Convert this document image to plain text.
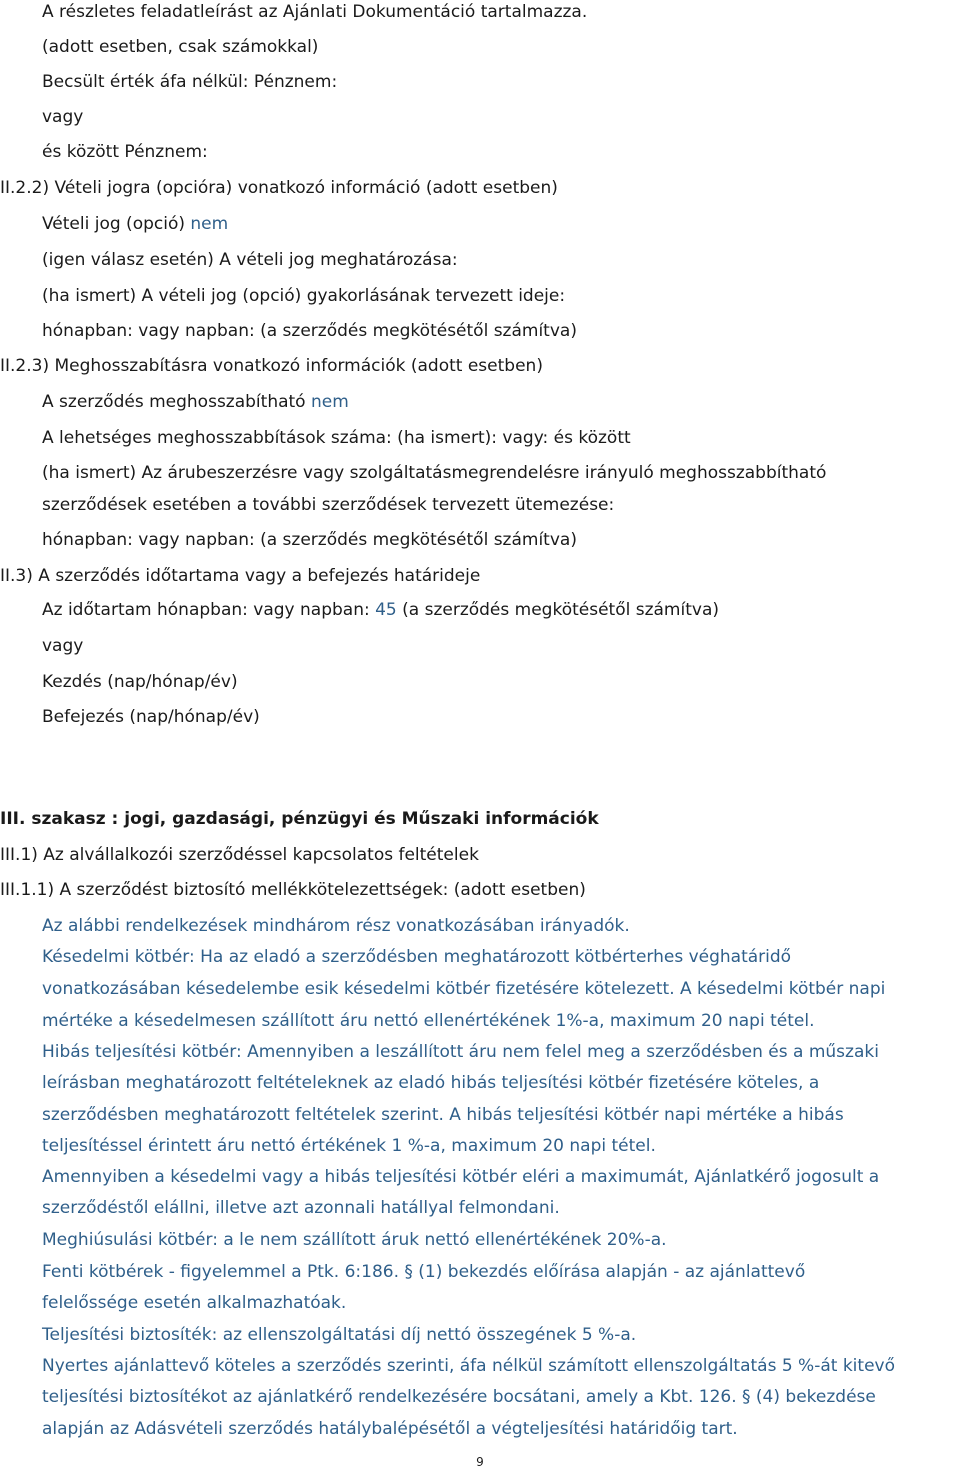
A részletes feladatleírást az Ajánlati Dokumentáció tartalmazza.
(adott esetben, csak számokkal)
Becsült érték áfa nélkül: Pénznem:
vagy
és között Pénznem:
II.2.2) Vételi jogra (opcióra) vonatkozó információ (adott esetben)
Vételi jog (opció) nem
(igen válasz esetén) A vételi jog meghatározása:
(ha ismert) A vételi jog (opció) gyakorlásának tervezett ideje:
hónapban: vagy napban: (a szerződés megkötésétől számítva)
II.2.3) Meghosszabításra vonatkozó információk (adott esetben)
A szerződés meghosszabítható nem
A lehetséges meghosszabbítások száma: (ha ismert): vagy: és között
(ha ismert) Az árubeszerzésre vagy szolgáltatásmegrendelésre irányuló meghosszabbítható
szerződések esetében a további szerződések tervezett ütemezése:
hónapban: vagy napban: (a szerződés megkötésétől számítva)
II.3) A szerződés időtartama vagy a befejezés határideje
Az időtartam hónapban: vagy napban: 45 (a szerződés megkötésétől számítva)
vagy
Kezdés (nap/hónap/év)
Befejezés (nap/hónap/év)
III. szakasz : jogi, gazdasági, pénzügyi és Műszaki információk
III.1) Az alvállalkozói szerződéssel kapcsolatos feltételek
III.1.1) A szerződést biztosító mellékkötelezettségek: (adott esetben)
Az alábbi rendelkezések mindhárom rész vonatkozásában irányadók.
Késedelmi kötbér: Ha az eladó a szerződésben meghatározott kötbérterhes véghatáridő
vonatkozásában késedelembe esik késedelmi kötbér fizetésére kötelezett. A késedelmi kötbér napi
mértéke a késedelmesen szállított áru nettó ellenértékének 1%-a, maximum 20 napi tétel.
Hibás teljesítési kötbér: Amennyiben a leszállított áru nem felel meg a szerződésben és a műszaki
leírásban meghatározott feltételeknek az eladó hibás teljesítési kötbér fizetésére köteles, a
szerződésben meghatározott feltételek szerint. A hibás teljesítési kötbér napi mértéke a hibás
teljesítéssel érintett áru nettó értékének 1 %-a, maximum 20 napi tétel.
Amennyiben a késedelmi vagy a hibás teljesítési kötbér eléri a maximumát, Ajánlatkérő jogosult a
szerződéstől elállni, illetve azt azonnali hatállyal felmondani.
Meghiúsulási kötbér: a le nem szállított áruk nettó ellenértékének 20%-a.
Fenti kötbérek - figyelemmel a Ptk. 6:186. § (1) bekezdés előírása alapján - az ajánlattevő
felelőssége esetén alkalmazhatóak.
Teljesítési biztosíték: az ellenszolgáltatási díj nettó összegének 5 %-a.
Nyertes ajánlattevő köteles a szerződés szerinti, áfa nélkül számított ellenszolgáltatás 5 %-át kitevő
teljesítési biztosítékot az ajánlatkérő rendelkezésére bocsátani, amely a Kbt. 126. § (4) bekezdése
alapján az Adásvételi szerződés hatálybalépésétől a végteljesítési határidőig tart.
9
